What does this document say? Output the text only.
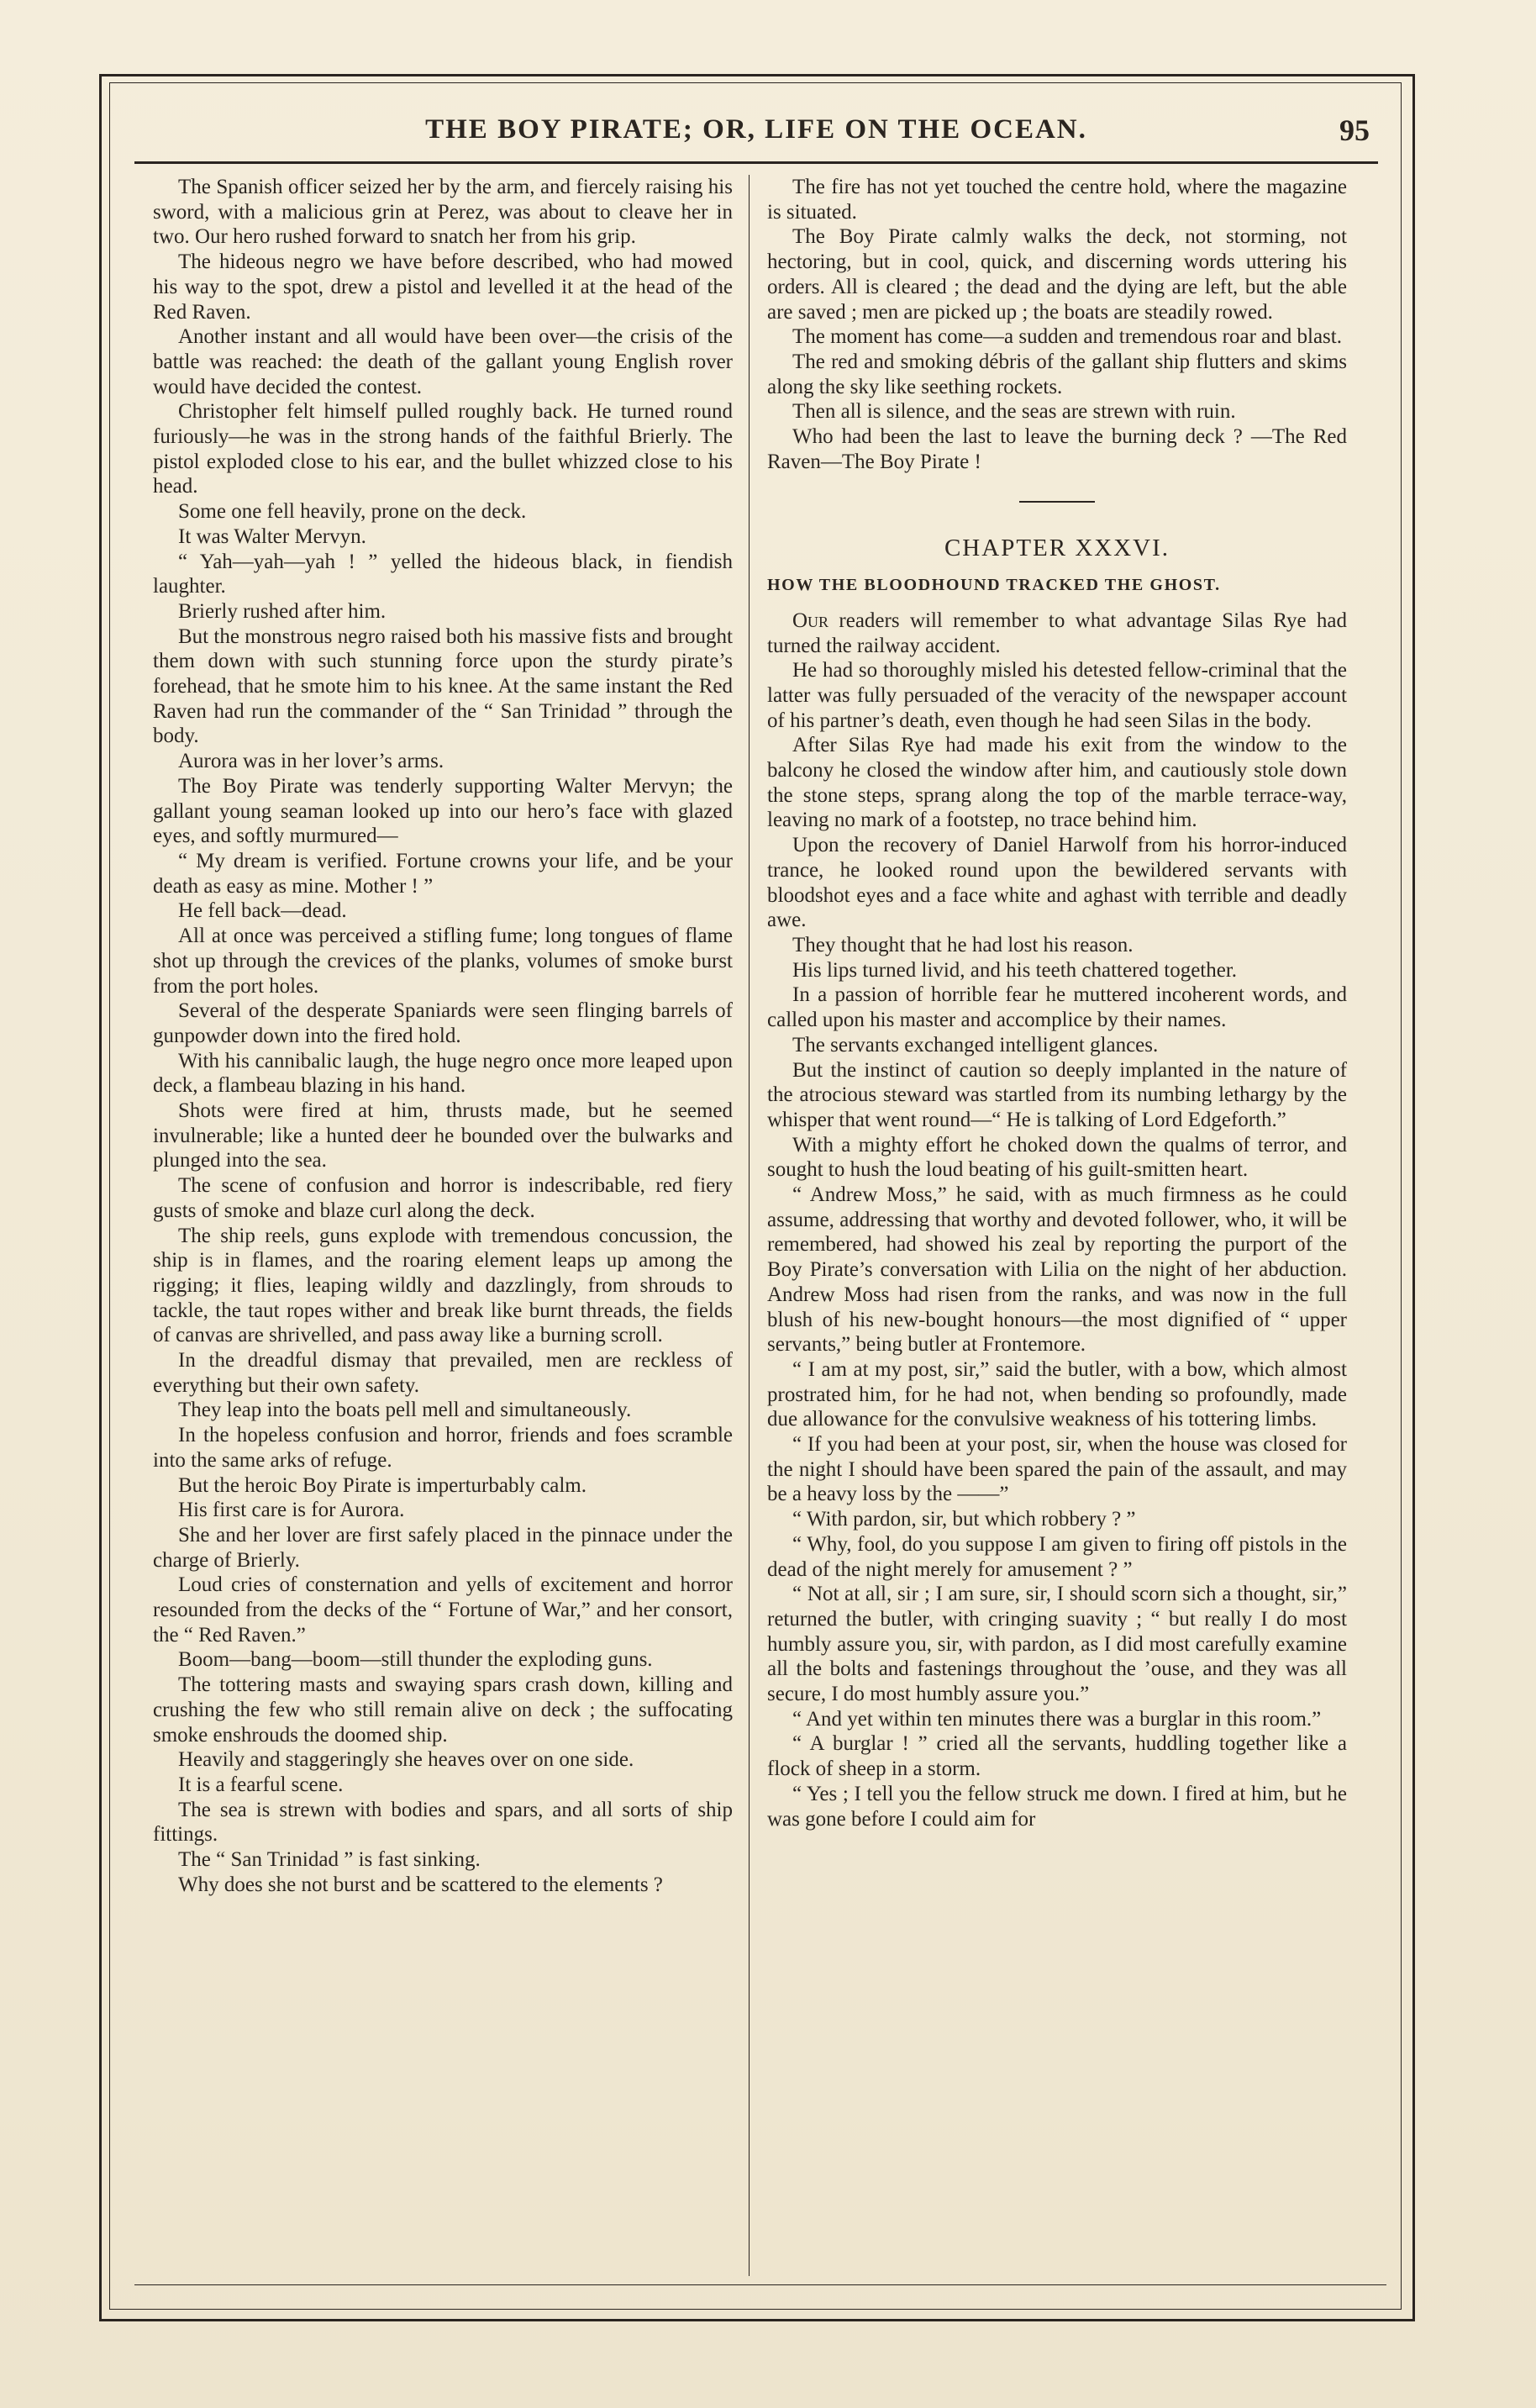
THE BOY PIRATE; OR, LIFE ON THE OCEAN.	95

The Spanish officer seized her by the arm, and fiercely raising his sword, with a malicious grin at Perez, was about to cleave her in two. Our hero rushed forward to snatch her from his grip.

The hideous negro we have before described, who had mowed his way to the spot, drew a pistol and levelled it at the head of the Red Raven.

Another instant and all would have been over—the crisis of the battle was reached: the death of the gallant young English rover would have decided the contest.

Christopher felt himself pulled roughly back. He turned round furiously—he was in the strong hands of the faithful Brierly. The pistol exploded close to his ear, and the bullet whizzed close to his head.

Some one fell heavily, prone on the deck.

It was Walter Mervyn.

“ Yah—yah—yah ! ” yelled the hideous black, in fiendish laughter.

Brierly rushed after him.

But the monstrous negro raised both his massive fists and brought them down with such stunning force upon the sturdy pirate’s forehead, that he smote him to his knee. At the same instant the Red Raven had run the commander of the “ San Trinidad ” through the body.

Aurora was in her lover’s arms.

The Boy Pirate was tenderly supporting Walter Mervyn; the gallant young seaman looked up into our hero’s face with glazed eyes, and softly murmured—

“ My dream is verified. Fortune crowns your life, and be your death as easy as mine. Mother ! ”

He fell back—dead.

All at once was perceived a stifling fume; long tongues of flame shot up through the crevices of the planks, volumes of smoke burst from the port holes.

Several of the desperate Spaniards were seen flinging barrels of gunpowder down into the fired hold.

With his cannibalic laugh, the huge negro once more leaped upon deck, a flambeau blazing in his hand.

Shots were fired at him, thrusts made, but he seemed invulnerable; like a hunted deer he bounded over the bulwarks and plunged into the sea.

The scene of confusion and horror is indescribable, red fiery gusts of smoke and blaze curl along the deck.

The ship reels, guns explode with tremendous concussion, the ship is in flames, and the roaring element leaps up among the rigging; it flies, leaping wildly and dazzlingly, from shrouds to tackle, the taut ropes wither and break like burnt threads, the fields of canvas are shrivelled, and pass away like a burning scroll.

In the dreadful dismay that prevailed, men are reckless of everything but their own safety.

They leap into the boats pell mell and simultaneously.

In the hopeless confusion and horror, friends and foes scramble into the same arks of refuge.

But the heroic Boy Pirate is imperturbably calm.

His first care is for Aurora.

She and her lover are first safely placed in the pinnace under the charge of Brierly.

Loud cries of consternation and yells of excitement and horror resounded from the decks of the “ Fortune of War,” and her consort, the “ Red Raven.”

Boom—bang—boom—still thunder the exploding guns.

The tottering masts and swaying spars crash down, killing and crushing the few who still remain alive on deck ; the suffocating smoke enshrouds the doomed ship.

Heavily and staggeringly she heaves over on one side.

It is a fearful scene.

The sea is strewn with bodies and spars, and all sorts of ship fittings.

The “ San Trinidad ” is fast sinking.

Why does she not burst and be scattered to the elements ?

The fire has not yet touched the centre hold, where the magazine is situated.

The Boy Pirate calmly walks the deck, not storming, not hectoring, but in cool, quick, and discerning words uttering his orders. All is cleared ; the dead and the dying are left, but the able are saved ; men are picked up ; the boats are steadily rowed.

The moment has come—a sudden and tremendous roar and blast.

The red and smoking débris of the gallant ship flutters and skims along the sky like seething rockets.

Then all is silence, and the seas are strewn with ruin.

Who had been the last to leave the burning deck ? —The Red Raven—The Boy Pirate !

CHAPTER XXXVI.

HOW THE BLOODHOUND TRACKED THE GHOST.

Our readers will remember to what advantage Silas Rye had turned the railway accident.

He had so thoroughly misled his detested fellow-criminal that the latter was fully persuaded of the veracity of the newspaper account of his partner’s death, even though he had seen Silas in the body.

After Silas Rye had made his exit from the window to the balcony he closed the window after him, and cautiously stole down the stone steps, sprang along the top of the marble terrace-way, leaving no mark of a footstep, no trace behind him.

Upon the recovery of Daniel Harwolf from his horror-induced trance, he looked round upon the bewildered servants with bloodshot eyes and a face white and aghast with terrible and deadly awe.

They thought that he had lost his reason.

His lips turned livid, and his teeth chattered together.

In a passion of horrible fear he muttered incoherent words, and called upon his master and accomplice by their names.

The servants exchanged intelligent glances.

But the instinct of caution so deeply implanted in the nature of the atrocious steward was startled from its numbing lethargy by the whisper that went round—“ He is talking of Lord Edgeforth.”

With a mighty effort he choked down the qualms of terror, and sought to hush the loud beating of his guilt-smitten heart.

“ Andrew Moss,” he said, with as much firmness as he could assume, addressing that worthy and devoted follower, who, it will be remembered, had showed his zeal by reporting the purport of the Boy Pirate’s conversation with Lilia on the night of her abduction. Andrew Moss had risen from the ranks, and was now in the full blush of his new-bought honours—the most dignified of “ upper servants,” being butler at Frontemore.

“ I am at my post, sir,” said the butler, with a bow, which almost prostrated him, for he had not, when bending so profoundly, made due allowance for the convulsive weakness of his tottering limbs.

“ If you had been at your post, sir, when the house was closed for the night I should have been spared the pain of the assault, and may be a heavy loss by the ——”

“ With pardon, sir, but which robbery ? ”

“ Why, fool, do you suppose I am given to firing off pistols in the dead of the night merely for amusement ? ”

“ Not at all, sir ; I am sure, sir, I should scorn sich a thought, sir,” returned the butler, with cringing suavity ; “ but really I do most humbly assure you, sir, with pardon, as I did most carefully examine all the bolts and fastenings throughout the ’ouse, and they was all secure, I do most humbly assure you.”

“ And yet within ten minutes there was a burglar in this room.”

“ A burglar ! ” cried all the servants, huddling together like a flock of sheep in a storm.

“ Yes ; I tell you the fellow struck me down. I fired at him, but he was gone before I could aim for
